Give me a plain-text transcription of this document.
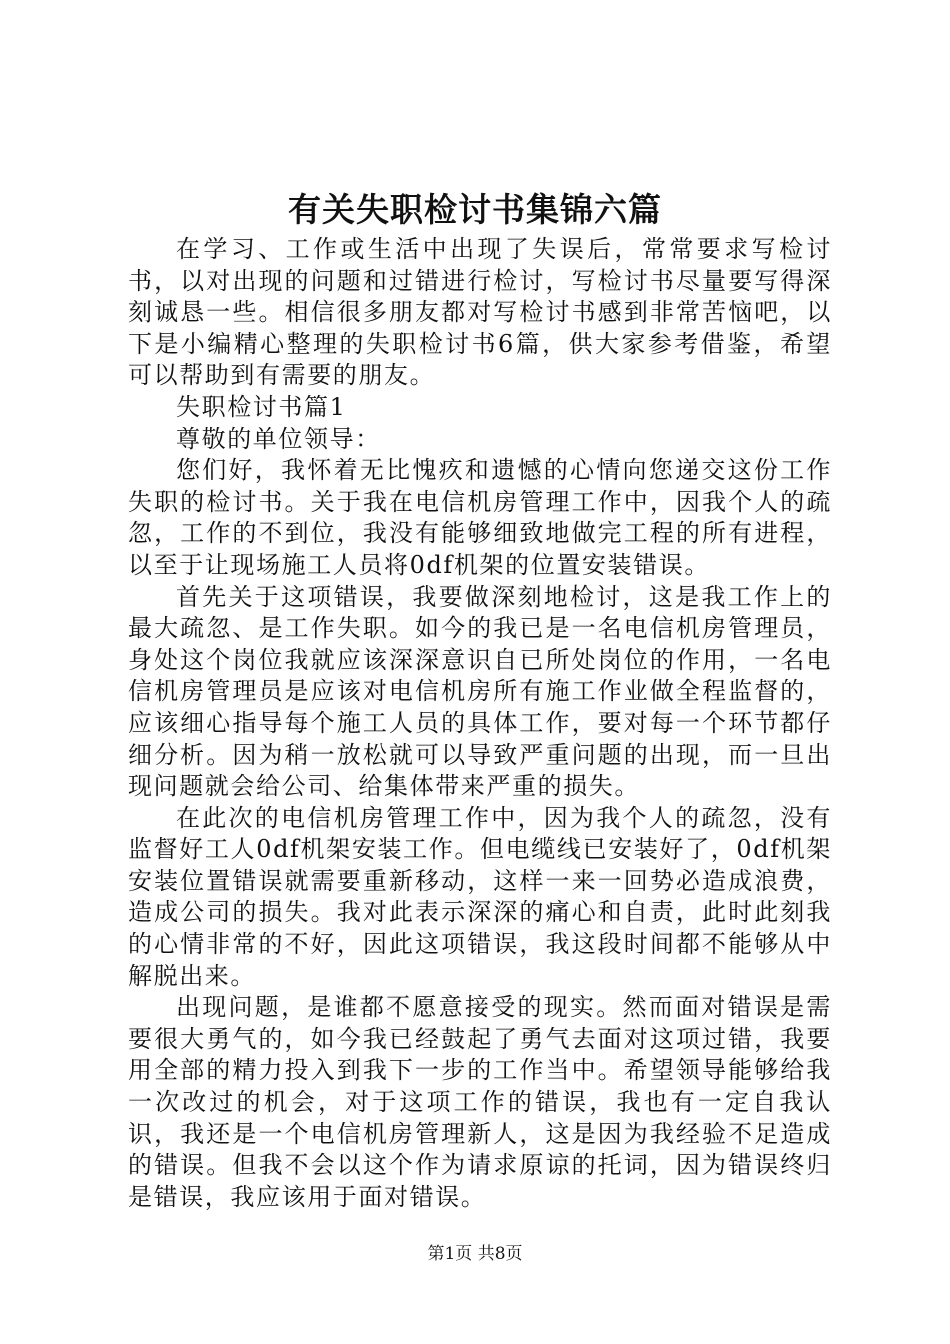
有关失职检讨书集锦六篇

在学习、工作或生活中出现了失误后，常常要求写检讨书，以对出现的问题和过错进行检讨，写检讨书尽量要写得深刻诚恳一些。相信很多朋友都对写检讨书感到非常苦恼吧，以下是小编精心整理的失职检讨书6篇，供大家参考借鉴，希望可以帮助到有需要的朋友。

失职检讨书篇1

尊敬的单位领导：

您们好，我怀着无比愧疚和遗憾的心情向您递交这份工作失职的检讨书。关于我在电信机房管理工作中，因我个人的疏忽，工作的不到位，我没有能够细致地做完工程的所有进程，以至于让现场施工人员将0df机架的位置安装错误。

首先关于这项错误，我要做深刻地检讨，这是我工作上的最大疏忽、是工作失职。如今的我已是一名电信机房管理员，身处这个岗位我就应该深深意识自已所处岗位的作用，一名电信机房管理员是应该对电信机房所有施工作业做全程监督的，应该细心指导每个施工人员的具体工作，要对每一个环节都仔细分析。因为稍一放松就可以导致严重问题的出现，而一旦出现问题就会给公司、给集体带来严重的损失。

在此次的电信机房管理工作中，因为我个人的疏忽，没有监督好工人0df机架安装工作。但电缆线已安装好了，0df机架安装位置错误就需要重新移动，这样一来一回势必造成浪费，造成公司的损失。我对此表示深深的痛心和自责，此时此刻我的心情非常的不好，因此这项错误，我这段时间都不能够从中解脱出来。

出现问题，是谁都不愿意接受的现实。然而面对错误是需要很大勇气的，如今我已经鼓起了勇气去面对这项过错，我要用全部的精力投入到我下一步的工作当中。希望领导能够给我一次改过的机会，对于这项工作的错误，我也有一定自我认识，我还是一个电信机房管理新人，这是因为我经验不足造成的错误。但我不会以这个作为请求原谅的托词，因为错误终归是错误，我应该用于面对错误。

第1页 共8页
